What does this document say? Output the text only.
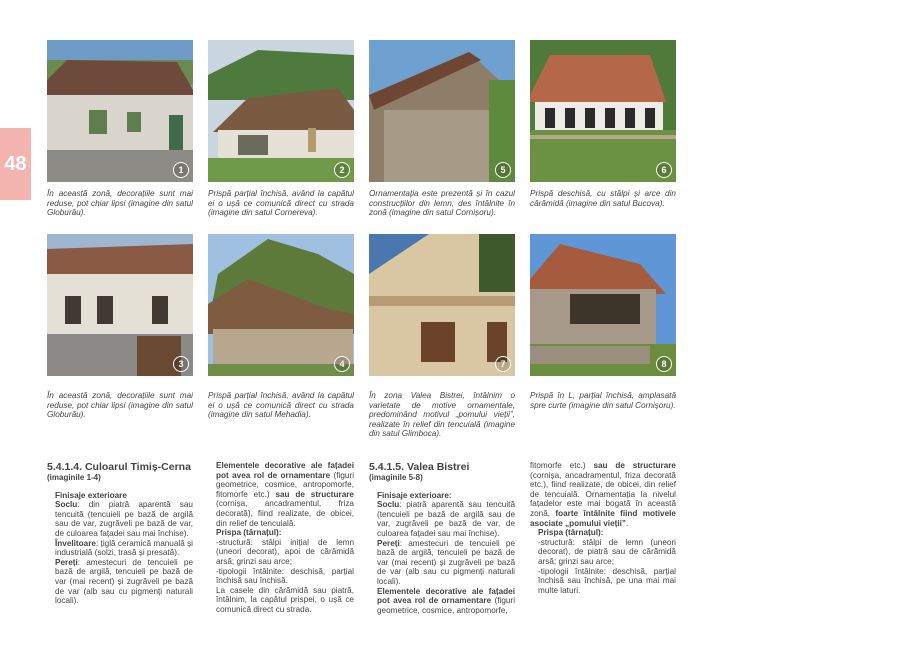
48	1	2	5	6
În această zonă, decorațiile sunt mai reduse, pot chiar lipsi (imagine din satul Globurău).
Prispă parțial închisă, având la capătul ei o ușă ce comunică direct cu strada (imagine din satul Cornereva).
Ornamentația este prezentă și în cazul construcțiilor din lemn, des întâlnite în zonă (imagine din satul Cornișoru).
Prispă deschisă, cu stâlpi și arce din cărămidă (imagine din satul Bucova).
3	4	7	8
În această zonă, decorațiile sunt mai reduse, pot chiar lipsi (imagine din satul Globurău).
Prispă parțial închisă, având la capătul ei o ușă ce comunică direct cu strada (imagine din satul Mehadia).
În zona Valea Bistrei, întâlnim o varietate de motive ornamentale, predominând motivul „pomului vieții”, realizate în relief din tencuială (imagine din satul Glimboca).
Prispă în L, parțial închisă, amplasată spre curte (imagine din satul Cornișoru).
5.4.1.4. Culoarul Timiș-Cerna
(imaginile 1-4)

Finisaje exterioare

Soclu: din piatră aparentă sau tencuită (tencuieli pe bază de argilă sau de var, zugrăveli pe bază de var, de culoarea fațadei sau mai închise).

Învelitoare: țiglă ceramică manuală și industrială (solzi, trasă și presată).

Pereți: amestecuri de tencuieli pe bază de argilă, tencuieli pe bază de var (mai recent) și zugrăveli pe bază de var (alb sau cu pigmenți naturali locali).

Elementele decorative ale fațadei pot avea rol de ornamentare (figuri geometrice, cosmice, antropomorfe, fitomorfe etc.) sau de structurare (cornișa, ancadramentul, friza decorată), fiind realizate, de obicei, din relief de tencuială.

Prispa (târnațul):

-structură: stâlpi inițial de lemn (uneori decorat), apoi de cărămidă arsă; grinzi sau arce;

-tipologii întâlnite: deschisă, parțial închisă sau închisă.

La casele din cărămidă sau piatră, întâlnim, la capătul prispei, o ușă ce comunică direct cu strada.

5.4.1.5. Valea Bistrei
(imaginile 5-8)

Finisaje exterioare:

Soclu: piatră aparentă sau tencuită (tencuieli pe bază de argilă sau de var, zugrăveli pe bază de var, de culoarea fațadei sau mai închise).

Pereți: amestecuri de tencuieli pe bază de argilă, tencuieli pe bază de var (mai recent) și zugrăveli pe bază de var (alb sau cu pigmenți naturali locali).

Elementele decorative ale fațadei pot avea rol de ornamentare (figuri geometrice, cosmice, antropomorfe,

fitomorfe etc.) sau de structurare (cornișa, ancadramentul, friza decorată etc.), fiind realizate, de obicei, din relief de tencuială. Ornamentația la nivelul fațadelor este mai bogată în această zonă, foarte întâlnite fiind motivele asociate „pomului vieții”.

Prispa (târnațul):

-structură: stâlpi de lemn (uneori decorat), de piatră sau de cărămidă arsă; grinzi sau arce;

-tipologii întâlnite: deschisă, parțial închisă sau închisă, pe una mai mai multe laturi.
